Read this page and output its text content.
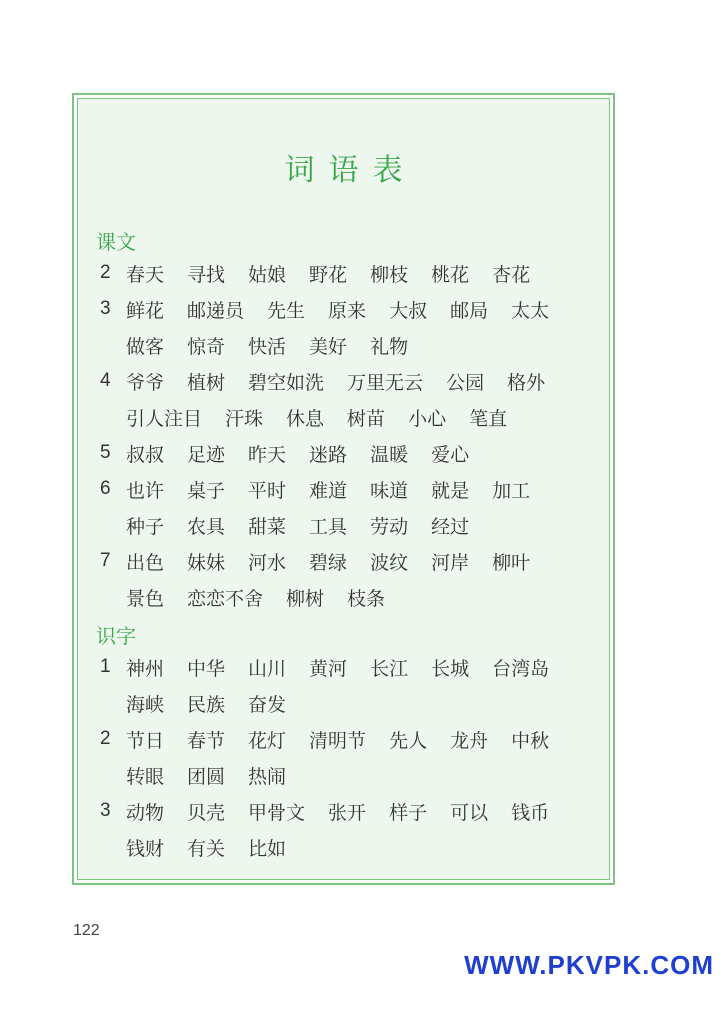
词语表
课文
2 春天 寻找 姑娘 野花 柳枝 桃花 杏花
3 鲜花 邮递员 先生 原来 大叔 邮局 太太
做客 惊奇 快活 美好 礼物
4 爷爷 植树 碧空如洗 万里无云 公园 格外
引人注目 汗珠 休息 树苗 小心 笔直
5 叔叔 足迹 昨天 迷路 温暖 爱心
6 也许 桌子 平时 难道 味道 就是 加工
种子 农具 甜菜 工具 劳动 经过
7 出色 妹妹 河水 碧绿 波纹 河岸 柳叶
景色 恋恋不舍 柳树 枝条
识字
1 神州 中华 山川 黄河 长江 长城 台湾岛
海峡 民族 奋发
2 节日 春节 花灯 清明节 先人 龙舟 中秋
转眼 团圆 热闹
3 动物 贝壳 甲骨文 张开 样子 可以 钱币
钱财 有关 比如
122
WWW.PKVPK.COM
